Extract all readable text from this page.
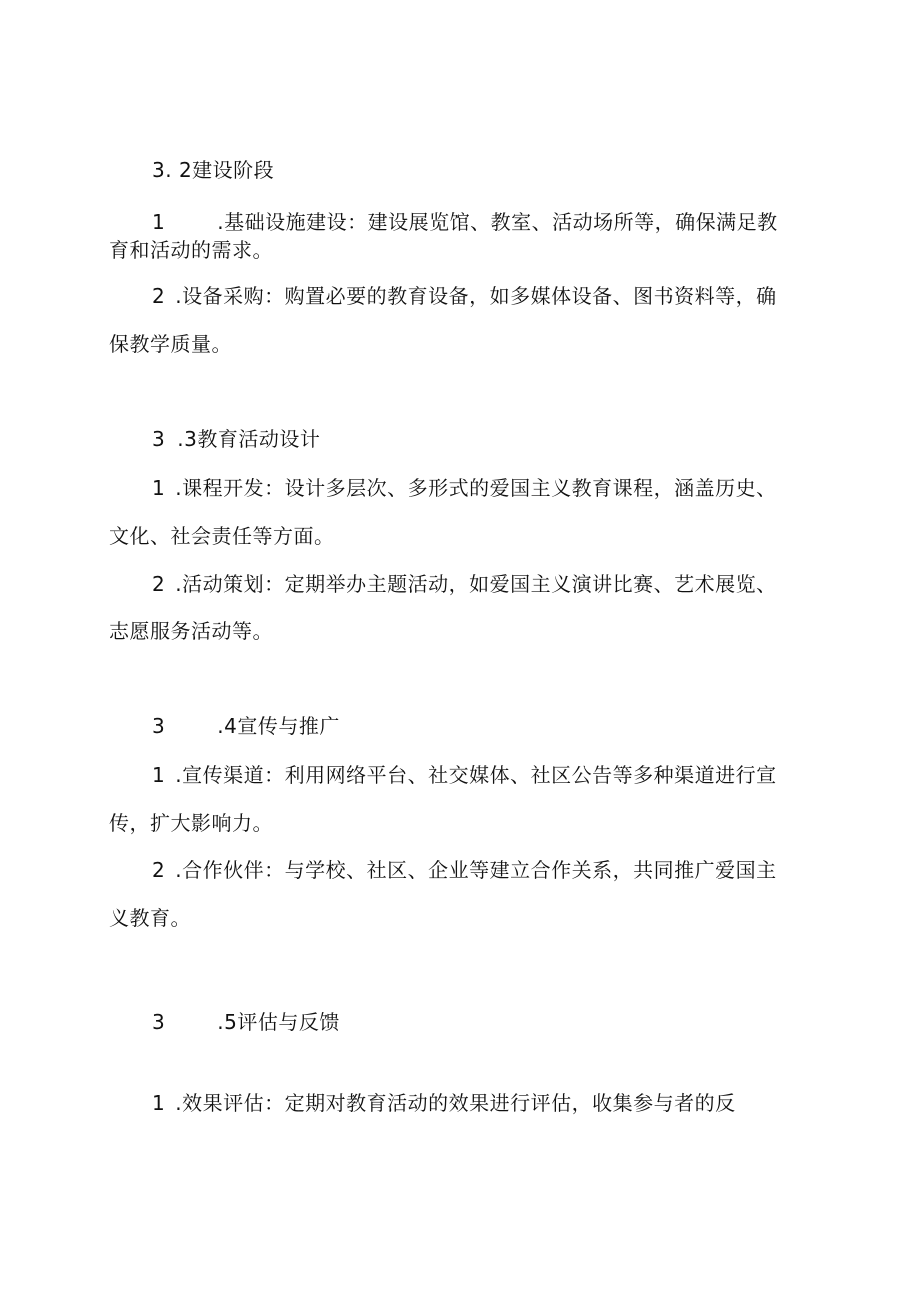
3. 2建设阶段
1	.基础设施建设：建设展览馆、教室、活动场所等，确保满足教
育和活动的需求。
2 .设备采购：购置必要的教育设备，如多媒体设备、图书资料等，确
保教学质量。
3 .3教育活动设计
1 .课程开发：设计多层次、多形式的爱国主义教育课程，涵盖历史、
文化、社会责任等方面。
2 .活动策划：定期举办主题活动，如爱国主义演讲比赛、艺术展览、
志愿服务活动等。
3	.4宣传与推广
1 .宣传渠道：利用网络平台、社交媒体、社区公告等多种渠道进行宣
传，扩大影响力。
2 .合作伙伴：与学校、社区、企业等建立合作关系，共同推广爱国主
义教育。
3	.5评估与反馈
1 .效果评估：定期对教育活动的效果进行评估，收集参与者的反
